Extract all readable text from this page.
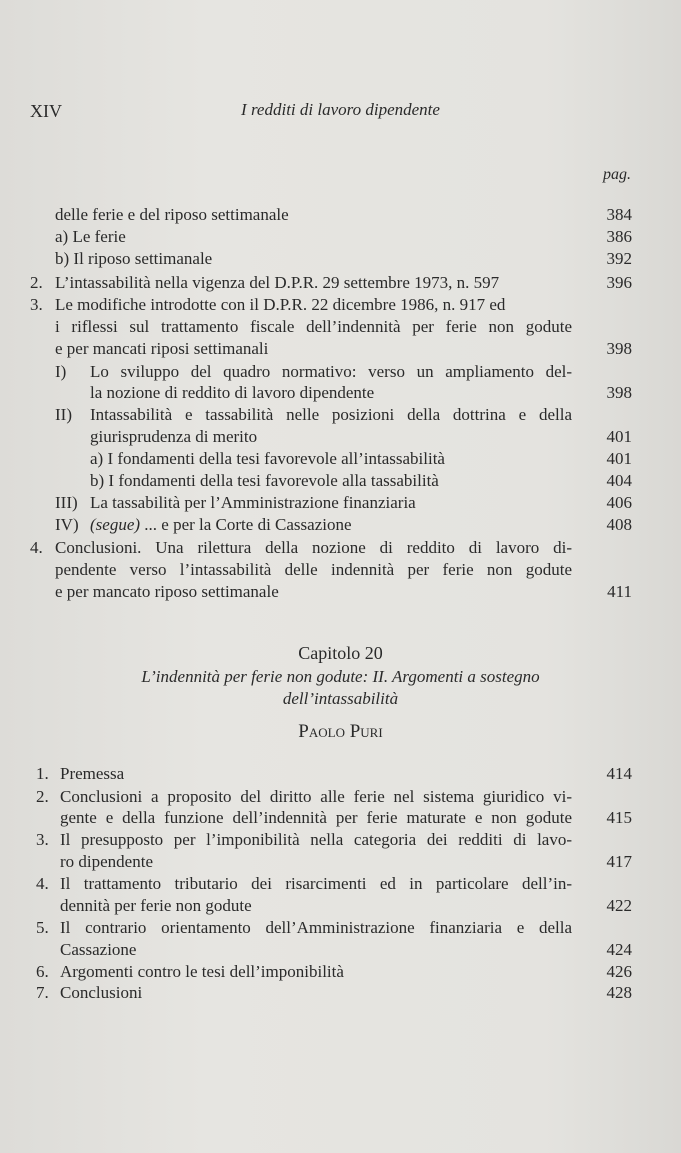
XIV	I redditi di lavoro dipendente
pag.
delle ferie e del riposo settimanale	384
a) Le ferie	386
b) Il riposo settimanale	392
2. L’intassabilità nella vigenza del D.P.R. 29 settembre 1973, n. 597	396
3. Le modifiche introdotte con il D.P.R. 22 dicembre 1986, n. 917 ed
i riflessi sul trattamento fiscale dell’indennità per ferie non godute
e per mancati riposi settimanali	398
I) Lo sviluppo del quadro normativo: verso un ampliamento del-
la nozione di reddito di lavoro dipendente	398
II) Intassabilità e tassabilità nelle posizioni della dottrina e della
giurisprudenza di merito	401
a) I fondamenti della tesi favorevole all’intassabilità	401
b) I fondamenti della tesi favorevole alla tassabilità	404
III) La tassabilità per l’Amministrazione finanziaria	406
IV) (segue) ... e per la Corte di Cassazione	408
4. Conclusioni. Una rilettura della nozione di reddito di lavoro di-
pendente verso l’intassabilità delle indennità per ferie non godute
e per mancato riposo settimanale	411
Capitolo 20
L’indennità per ferie non godute: II. Argomenti a sostegno
dell’intassabilità
Paolo Puri
1. Premessa	414
2. Conclusioni a proposito del diritto alle ferie nel sistema giuridico vi-
gente e della funzione dell’indennità per ferie maturate e non godute 415
3. Il presupposto per l’imponibilità nella categoria dei redditi di lavo-
ro dipendente	417
4. Il trattamento tributario dei risarcimenti ed in particolare dell’in-
dennità per ferie non godute	422
5. Il contrario orientamento dell’Amministrazione finanziaria e della
Cassazione	424
6. Argomenti contro le tesi dell’imponibilità	426
7. Conclusioni	428
